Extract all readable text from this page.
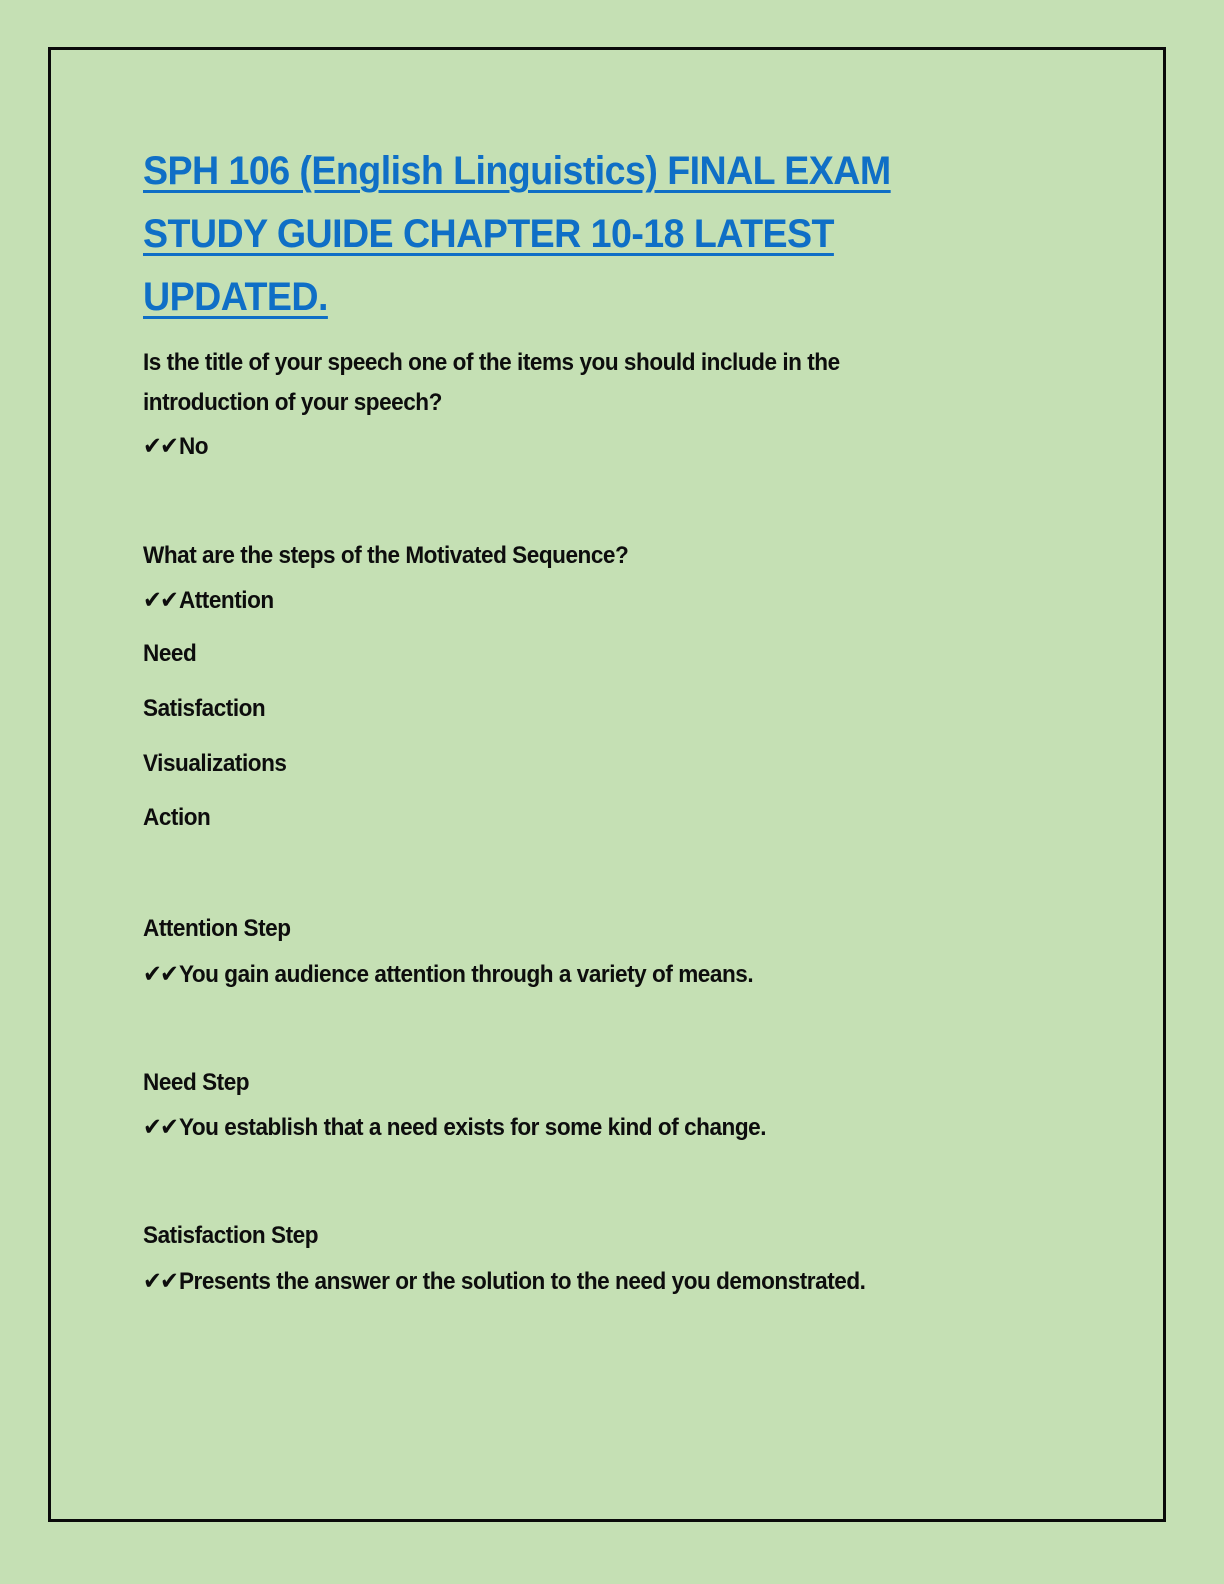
SPH 106 (English Linguistics) FINAL EXAM
STUDY GUIDE CHAPTER 10-18 LATEST
UPDATED.

Is the title of your speech one of the items you should include in the

introduction of your speech?

✔✔No

What are the steps of the Motivated Sequence?

✔✔Attention

Need

Satisfaction

Visualizations

Action

Attention Step

✔✔You gain audience attention through a variety of means.

Need Step

✔✔You establish that a need exists for some kind of change.

Satisfaction Step

✔✔Presents the answer or the solution to the need you demonstrated.
